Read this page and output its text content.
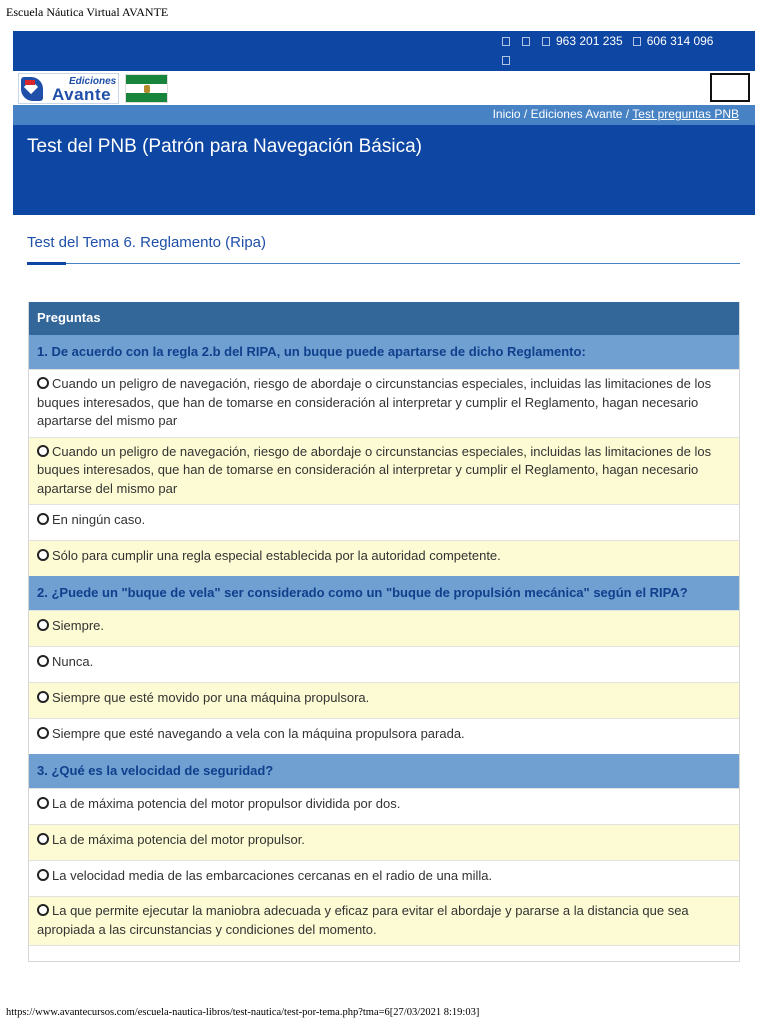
Escuela Náutica Virtual AVANTE
963 201 235 606 314 096
Ediciones
Avante
Inicio / Ediciones Avante / Test preguntas PNB
Test del PNB (Patrón para Navegación Básica)
Test del Tema 6. Reglamento (Ripa)
Preguntas
1. De acuerdo con la regla 2.b del RIPA, un buque puede apartarse de dicho Reglamento:
Cuando un peligro de navegación, riesgo de abordaje o circunstancias especiales, incluidas las limitaciones de los buques interesados, que han de tomarse en consideración al interpretar y cumplir el Reglamento, hagan necesario apartarse del mismo par
Cuando un peligro de navegación, riesgo de abordaje o circunstancias especiales, incluidas las limitaciones de los buques interesados, que han de tomarse en consideración al interpretar y cumplir el Reglamento, hagan necesario apartarse del mismo par
En ningún caso.
Sólo para cumplir una regla especial establecida por la autoridad competente.
2. ¿Puede un "buque de vela" ser considerado como un "buque de propulsión mecánica" según el RIPA?
Siempre.
Nunca.
Siempre que esté movido por una máquina propulsora.
Siempre que esté navegando a vela con la máquina propulsora parada.
3. ¿Qué es la velocidad de seguridad?
La de máxima potencia del motor propulsor dividida por dos.
La de máxima potencia del motor propulsor.
La velocidad media de las embarcaciones cercanas en el radio de una milla.
La que permite ejecutar la maniobra adecuada y eficaz para evitar el abordaje y pararse a la distancia que sea apropiada a las circunstancias y condiciones del momento.
https://www.avantecursos.com/escuela-nautica-libros/test-nautica/test-por-tema.php?tma=6[27/03/2021 8:19:03]
